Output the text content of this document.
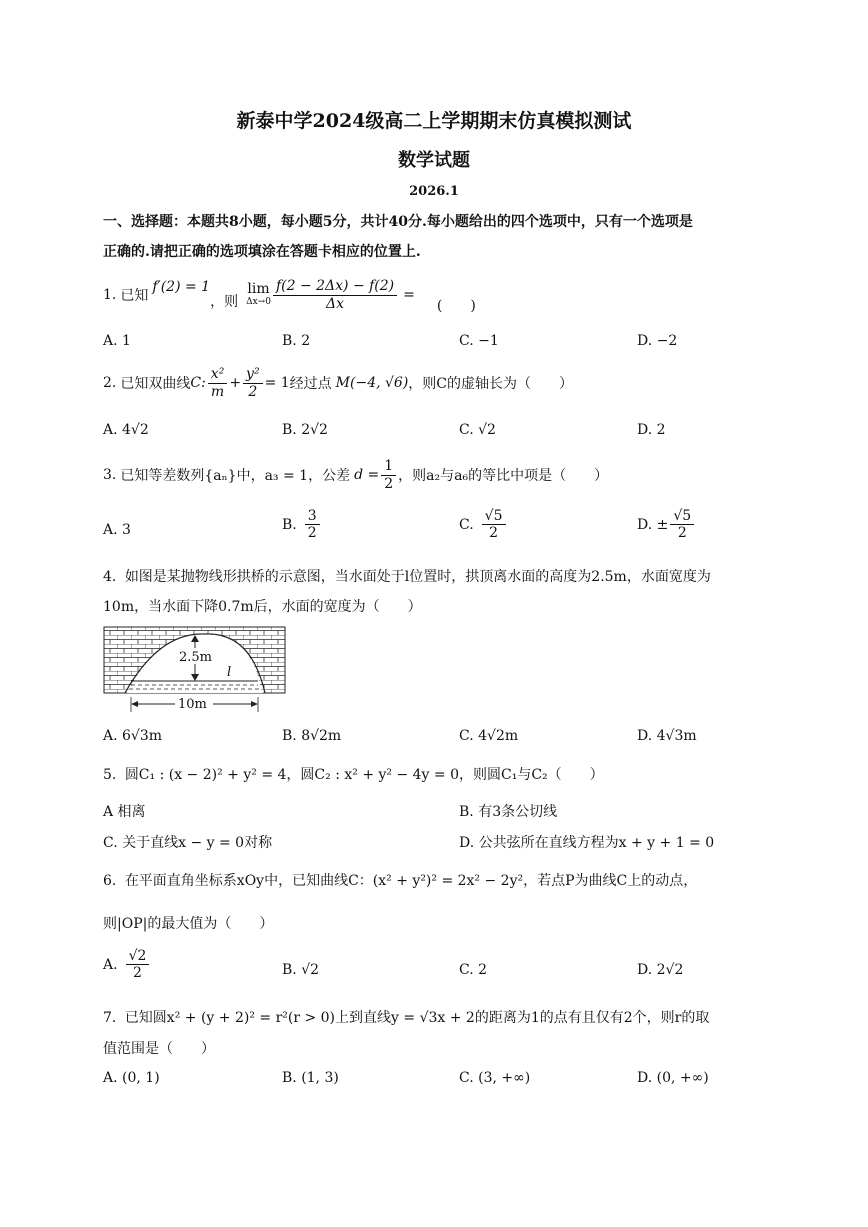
新泰中学2024级高二上学期期末仿真模拟测试
数学试题
2026.1
一、选择题：本题共8小题，每小题5分，共计40分.每小题给出的四个选项中，只有一个选项是
正确的.请把正确的选项填涂在答题卡相应的位置上.
1. 已知
f′(2) = 1
，则
lim
$\Delta x\to 0 \frac{f(2 - 2\Delta x) - f(2)}{\Delta x}$ =
(　　)
A. 1	B. 2	C. −1	D. −2
2. 已知双曲线 C: $\frac{\text{x²}}{m} + \frac{\text{y²}}{2} = 1$ 经过点 M(−4, √6) ，则C的虚轴长为（　　）
A. 4√2	B. 2√2	C. √2	D. 2
3. 已知等差数列{aₙ}中，a₃ = 1，公差 $d = \frac{1}{2}$ ，则a₂与a₆的等比中项是（　　）
A. 3	B. $\frac{3}{2}$	C. $\frac{√5}{2}$	D. ± $\frac{√5}{2}$
4. 如图是某抛物线形拱桥的示意图，当水面处于l位置时，拱顶离水面的高度为2.5m，水面宽度为
10m，当水面下降0.7m后，水面的宽度为（　　）
10m
2.5m
l
A. 6√3m	B. 8√2m	C. 4√2m	D. 4√3m
5. 圆C₁ : (x − 2)² + y² = 4，圆C₂ : x² + y² − 4y = 0，则圆C₁与C₂（　　）
A 相离	B. 有3条公切线
C. 关于直线x − y = 0对称	D. 公共弦所在直线方程为x + y + 1 = 0
6. 在平面直角坐标系xOy中，已知曲线C：(x² + y²)² = 2x² − 2y²，若点P为曲线C上的动点，
则|OP|的最大值为（　　）
A. $\frac{√2}{2}$	B. √2	C. 2	D. 2√2
7. 已知圆x² + (y + 2)² = r²(r > 0)上到直线y = √3x + 2的距离为1的点有且仅有2个，则r的取
值范围是（　　）
A. (0, 1)	B. (1, 3)	C. (3, +∞)	D. (0, +∞)
